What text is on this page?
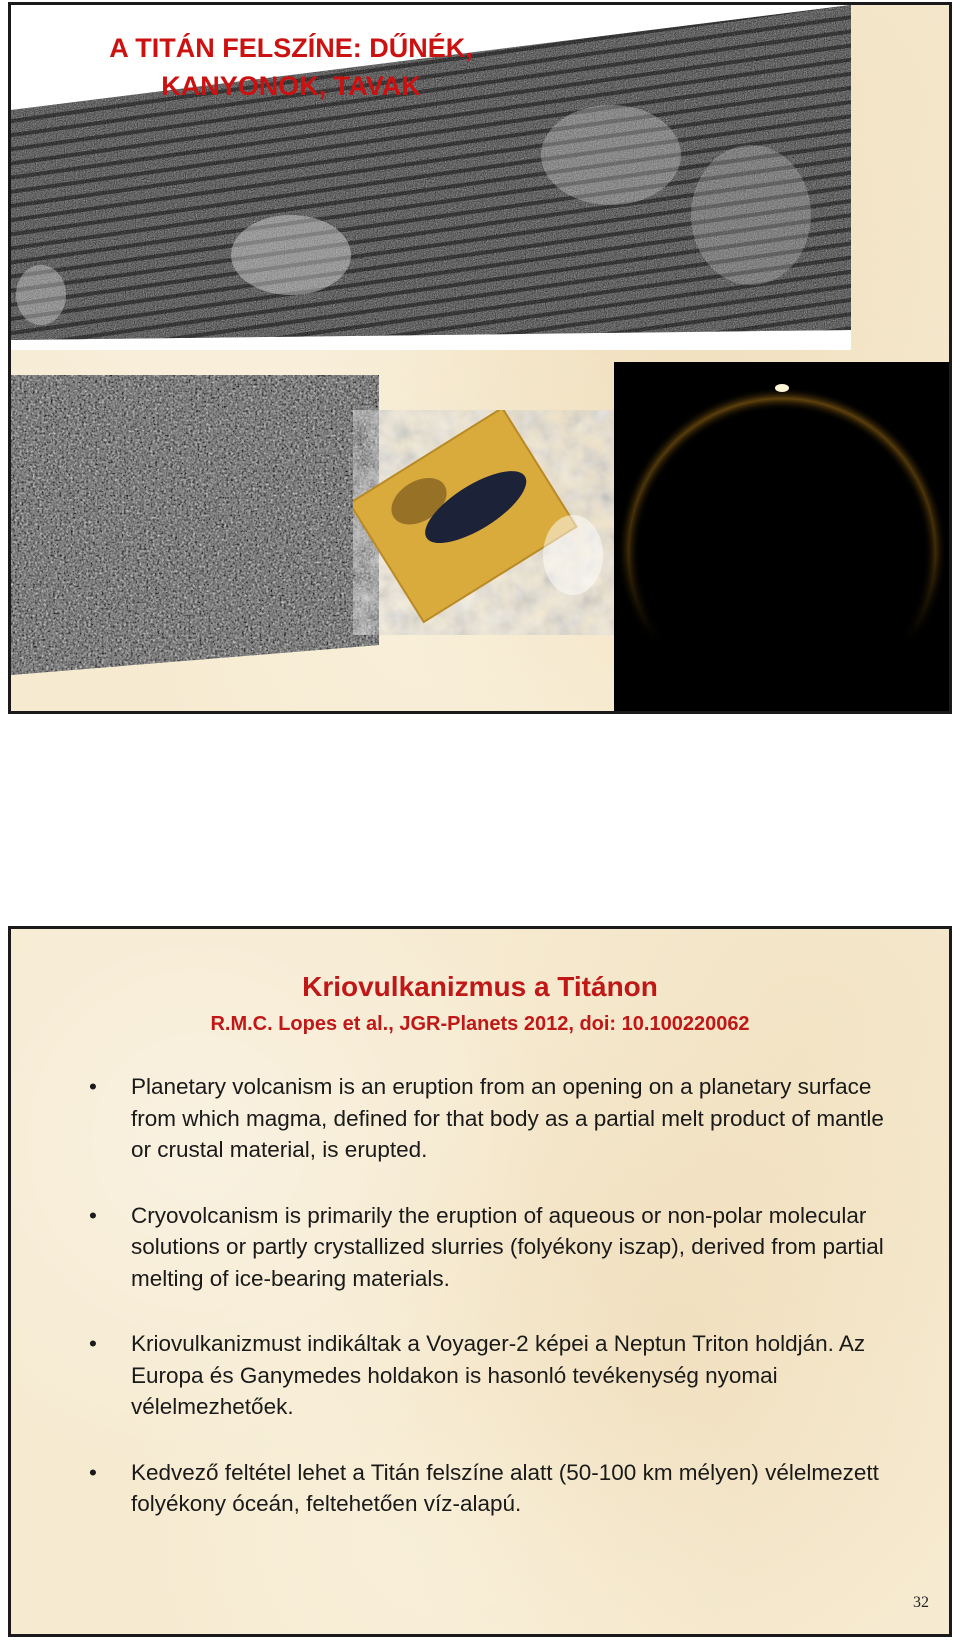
A TITÁN FELSZÍNE: DŰNÉK,
KANYONOK, TAVAK
Kriovulkanizmus a Titánon

R.M.C. Lopes et al., JGR-Planets 2012, doi: 10.100220062

• Planetary volcanism is an eruption from an opening on a planetary surface from which magma, defined for that body as a partial melt product of mantle or crustal material, is erupted.
• Cryovolcanism is primarily the eruption of aqueous or non-polar molecular solutions or partly crystallized slurries (folyékony iszap), derived from partial melting of ice-bearing materials.
• Kriovulkanizmust indikáltak a Voyager-2 képei a Neptun Triton holdján. Az Europa és Ganymedes holdakon is hasonló tevékenység nyomai vélelmezhetőek.
• Kedvező feltétel lehet a Titán felszíne alatt (50-100 km mélyen) vélelmezett folyékony óceán, feltehetően víz-alapú.
32
